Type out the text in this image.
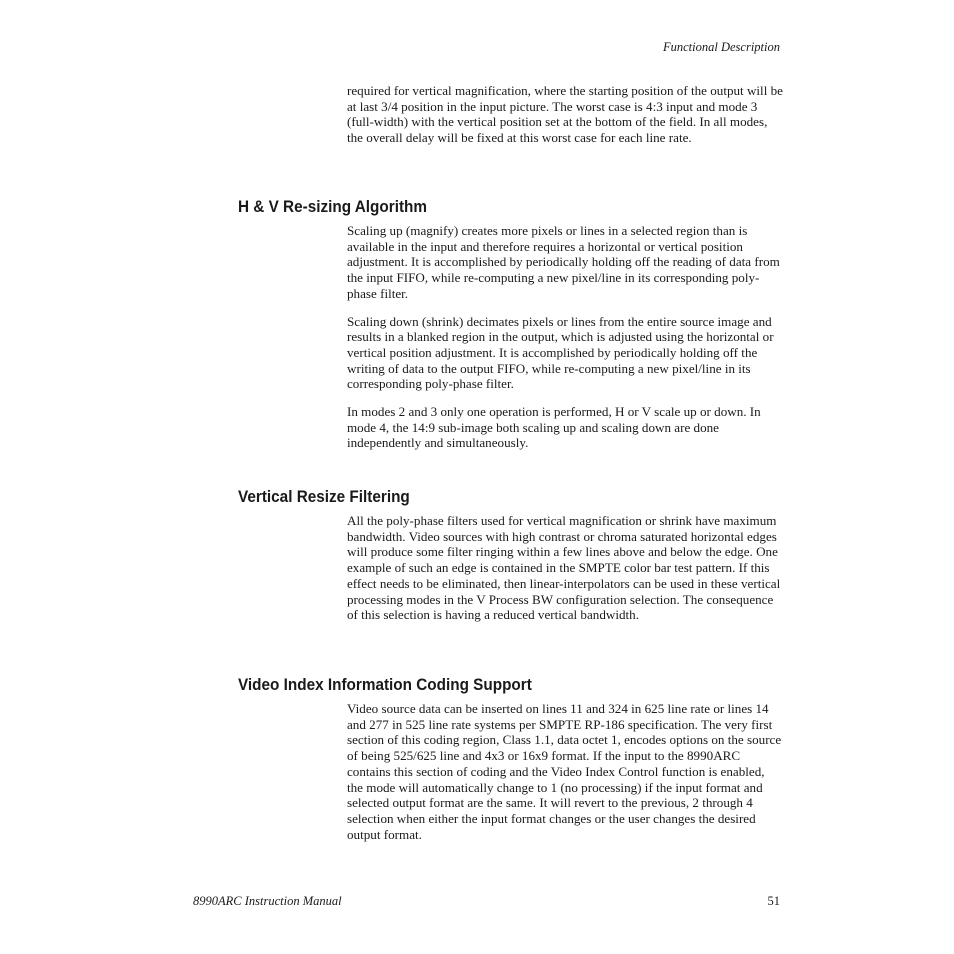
Functional Description

required for vertical magnification, where the starting position of the output will be at last 3/4 position in the input picture. The worst case is 4:3 input and mode 3 (full-width) with the vertical position set at the bottom of the field. In all modes, the overall delay will be fixed at this worst case for each line rate.

H & V Re-sizing Algorithm

Scaling up (magnify) creates more pixels or lines in a selected region than is available in the input and therefore requires a horizontal or vertical position adjustment. It is accomplished by periodically holding off the reading of data from the input FIFO, while re-computing a new pixel/line in its corresponding poly-phase filter.

Scaling down (shrink) decimates pixels or lines from the entire source image and results in a blanked region in the output, which is adjusted using the horizontal or vertical position adjustment. It is accomplished by periodically holding off the writing of data to the output FIFO, while re-computing a new pixel/line in its corresponding poly-phase filter.

In modes 2 and 3 only one operation is performed, H or V scale up or down. In mode 4, the 14:9 sub-image both scaling up and scaling down are done independently and simultaneously.

Vertical Resize Filtering

All the poly-phase filters used for vertical magnification or shrink have maximum bandwidth. Video sources with high contrast or chroma saturated horizontal edges will produce some filter ringing within a few lines above and below the edge. One example of such an edge is contained in the SMPTE color bar test pattern. If this effect needs to be eliminated, then linear-interpolators can be used in these vertical processing modes in the V Process BW configuration selection. The consequence of this selection is having a reduced vertical bandwidth.

Video Index Information Coding Support

Video source data can be inserted on lines 11 and 324 in 625 line rate or lines 14 and 277 in 525 line rate systems per SMPTE RP-186 specification. The very first section of this coding region, Class 1.1, data octet 1, encodes options on the source of being 525/625 line and 4x3 or 16x9 format. If the input to the 8990ARC contains this section of coding and the Video Index Control function is enabled, the mode will automatically change to 1 (no processing) if the input format and selected output format are the same. It will revert to the previous, 2 through 4 selection when either the input format changes or the user changes the desired output format.

8990ARC Instruction Manual	51
